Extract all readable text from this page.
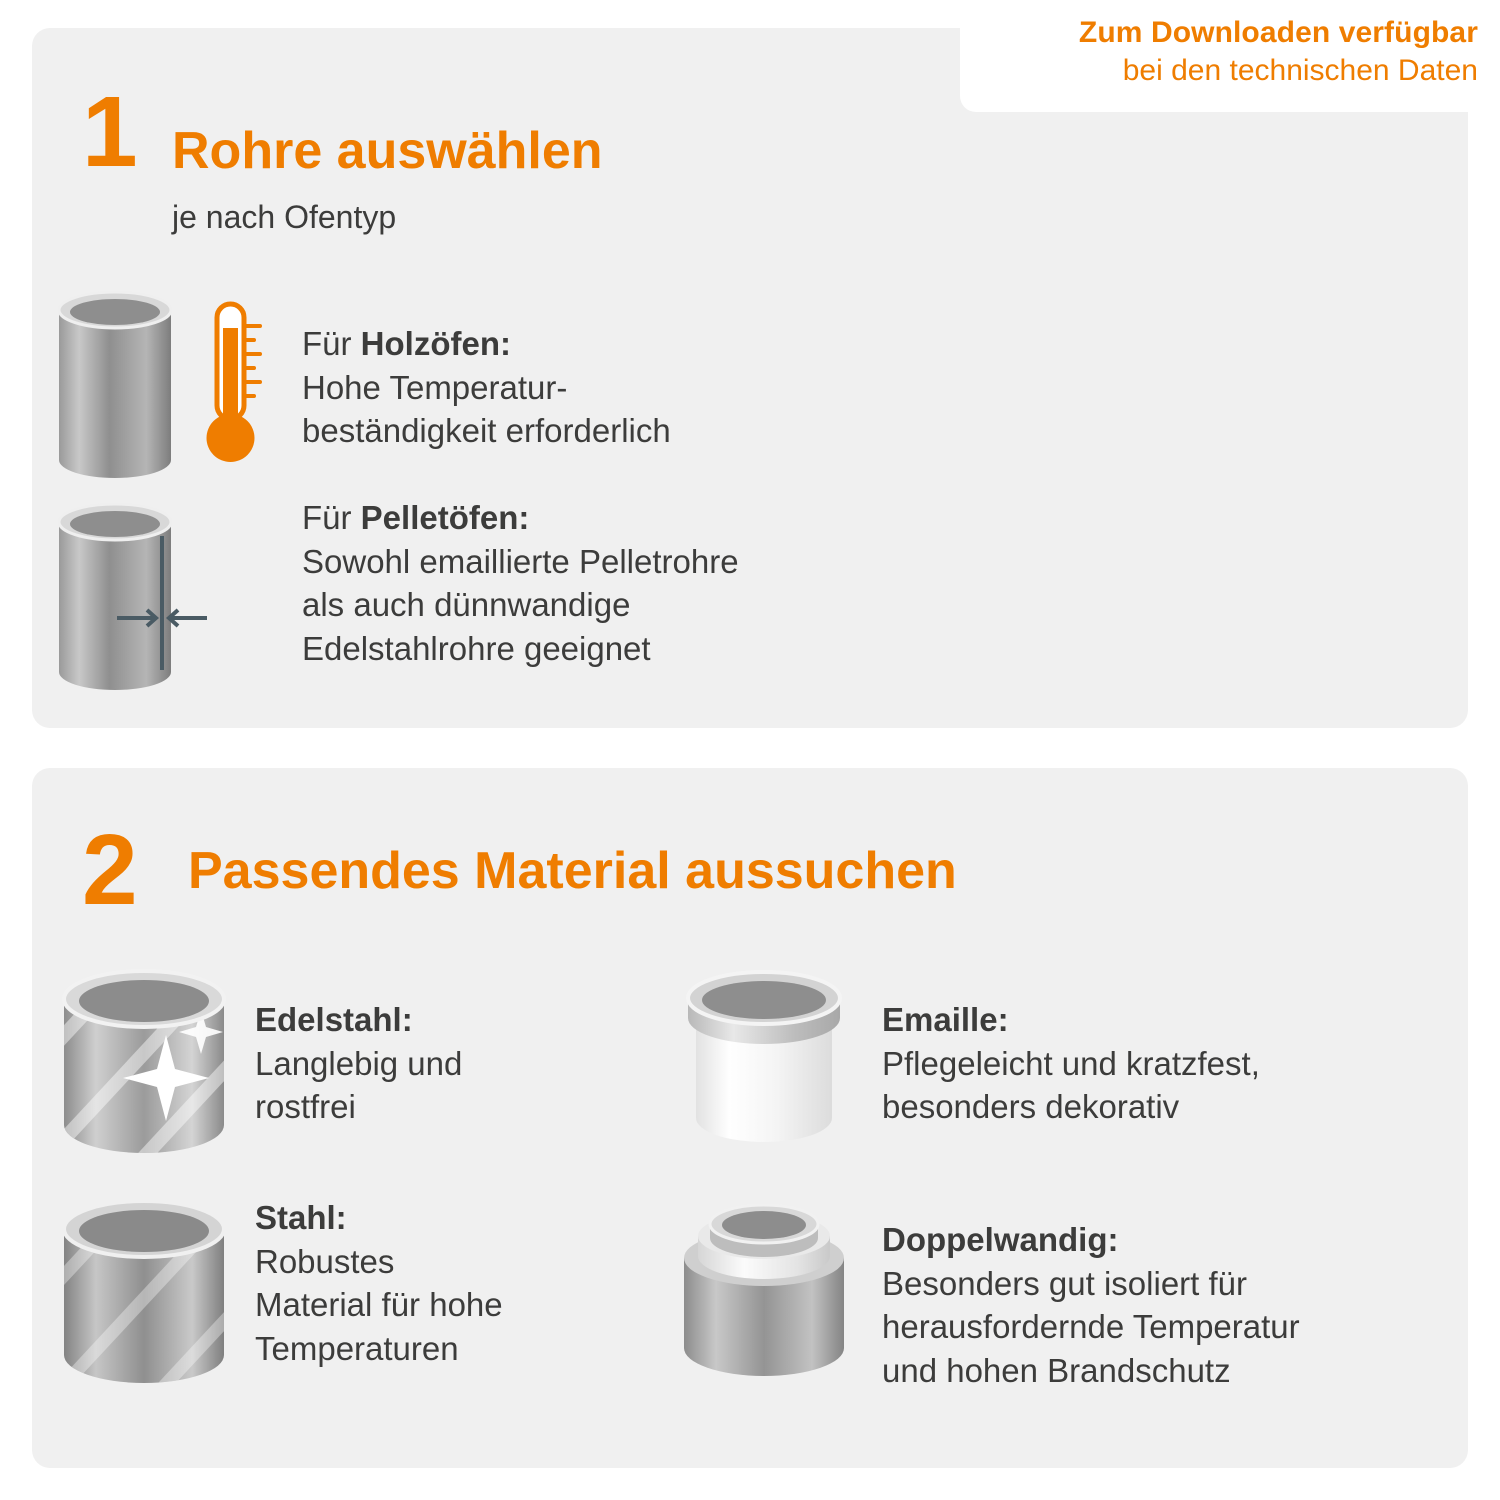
Zum Downloaden verfügbar
bei den technischen Daten
1 Rohre auswählen
je nach Ofentyp
Für Holzöfen:
Hohe Temperatur-
beständigkeit erforderlich
Für Pelletöfen:
Sowohl emaillierte Pelletrohre
als auch dünnwandige
Edelstahlrohre geeignet
2 Passendes Material aussuchen
Edelstahl:
Langlebig und
rostfrei
Stahl:
Robustes
Material für hohe
Temperaturen
Emaille:
Pflegeleicht und kratzfest,
besonders dekorativ
Doppelwandig:
Besonders gut isoliert für
herausfordernde Temperatur
und hohen Brandschutz
